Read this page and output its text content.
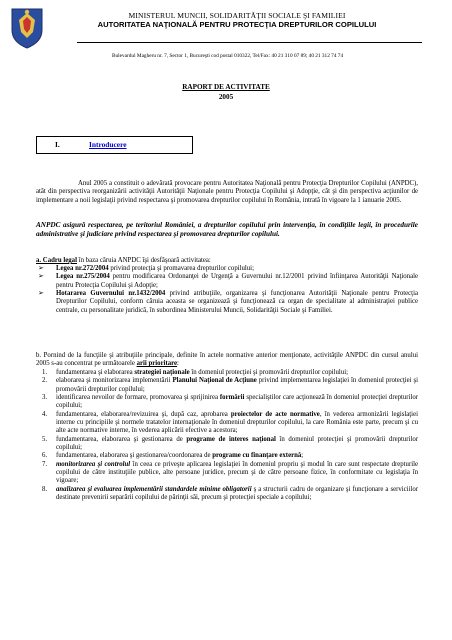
MINISTERUL MUNCII, SOLIDARITĂŢII SOCIALE ŞI FAMILIEI
AUTORITATEA NAŢIONALĂ PENTRU PROTECŢIA DREPTURILOR COPILULUI
Bulevardul Magheru nr. 7, Sector 1, Bucureşti cod postal 010322, Tel/Fax: 40 21 310 07 89; 40 21 312 74 74
RAPORT DE ACTIVITATE
2005
I.	Introducere
Anul 2005 a constituit o adevărată provocare pentru Autoritatea Naţională pentru Protecţia Drepturilor Copilului (ANPDC), atât din perspectiva reorganizării activităţii Autorităţii Naţionale pentru Protecţia Copilului şi Adopţie, cât şi din perspectiva acţiunilor de implementare a noii legislaţii privind respectarea şi promovarea drepturilor copilului în România, intrată în vigoare la 1 ianuarie 2005.
ANPDC asigură respectarea, pe teritoriul României, a drepturilor copilului prin intervenţia, în condiţiile legii, în procedurile administrative şi judiciare privind respectarea şi promovarea drepturilor copilului.
a. Cadru legal în baza căruia ANPDC îşi desfăşoară activitatea:
➢ Legea nr.272/2004 privind protecţia şi promavarea drepturilor copilului;
➢ Legea nr.275/2004 pentru modificarea Ordonanţei de Urgenţă a Guvernului nr.12/2001 privind înfiinţarea Autorităţii Naţionale pentru Protecţia Copilului şi Adopţie;
➢ Hotararea Guvernului nr.1432/2004 privind atribuţiile, organizarea şi funcţionarea Autorităţii Naţionale pentru Protecţia Drepturilor Copilului, conform căruia aceasta se organizează şi funcţionează ca organ de specialitate al administraţiei publice centrale, cu personalitate juridică, în subordinea Ministerului Muncii, Solidarităţii Sociale şi Familiei.
b. Pornind de la funcţiile şi atribuţiile principale, definite în actele normative anterior menţionate, activităţile ANPDC din cursul anului 2005 s-au concentrat pe următoarele arii prioritare:
1. fundamentarea şi elaborarea strategiei naţionale în domeniul protecţiei şi promovării drepturilor copilului;
2. elaborarea şi monitorizarea implementării Planului Naţional de Acţiune privind implementarea legislaţiei în domeniul protecţiei şi promovării drepturilor copilului;
3. identificarea nevoilor de formare, promovarea şi sprijinirea formării specialiştilor care acţionează în domeniul protecţiei drepturilor copilului;
4. fundamentarea, elaborarea/revizuirea şi, după caz, aprobarea proiectelor de acte normative, în vederea armonizării legislaţiei interne cu principiile şi normele tratatelor internaţionale în domeniul drepturilor copilului, la care România este parte, precum şi cu alte acte normative interne, în vederea aplicării efective a acestora;
5. fundamentarea, elaborarea şi gestionarea de programe de interes naţional în domeniul protecţiei şi promovării drepturilor copilului;
6. fundamentarea, elaborarea şi gestionarea/coordonarea de programe cu finanţare externă;
7. monitorizarea şi controlul în ceea ce priveşte aplicarea legislaţiei în domeniul propriu şi modul în care sunt respectate drepturile copilului de către instituţiile publice, alte persoane juridice, precum şi de către persoane fizice, în conformitate cu legislaţia în vigoare;
8. analizarea şi evaluarea implementării standardele minime obligatorii ş a structurii cadru de organizare şi funcţionare a serviciilor destinate prevenirii separării copilului de părinţii săi, precum şi protecţiei speciale a copilului;
